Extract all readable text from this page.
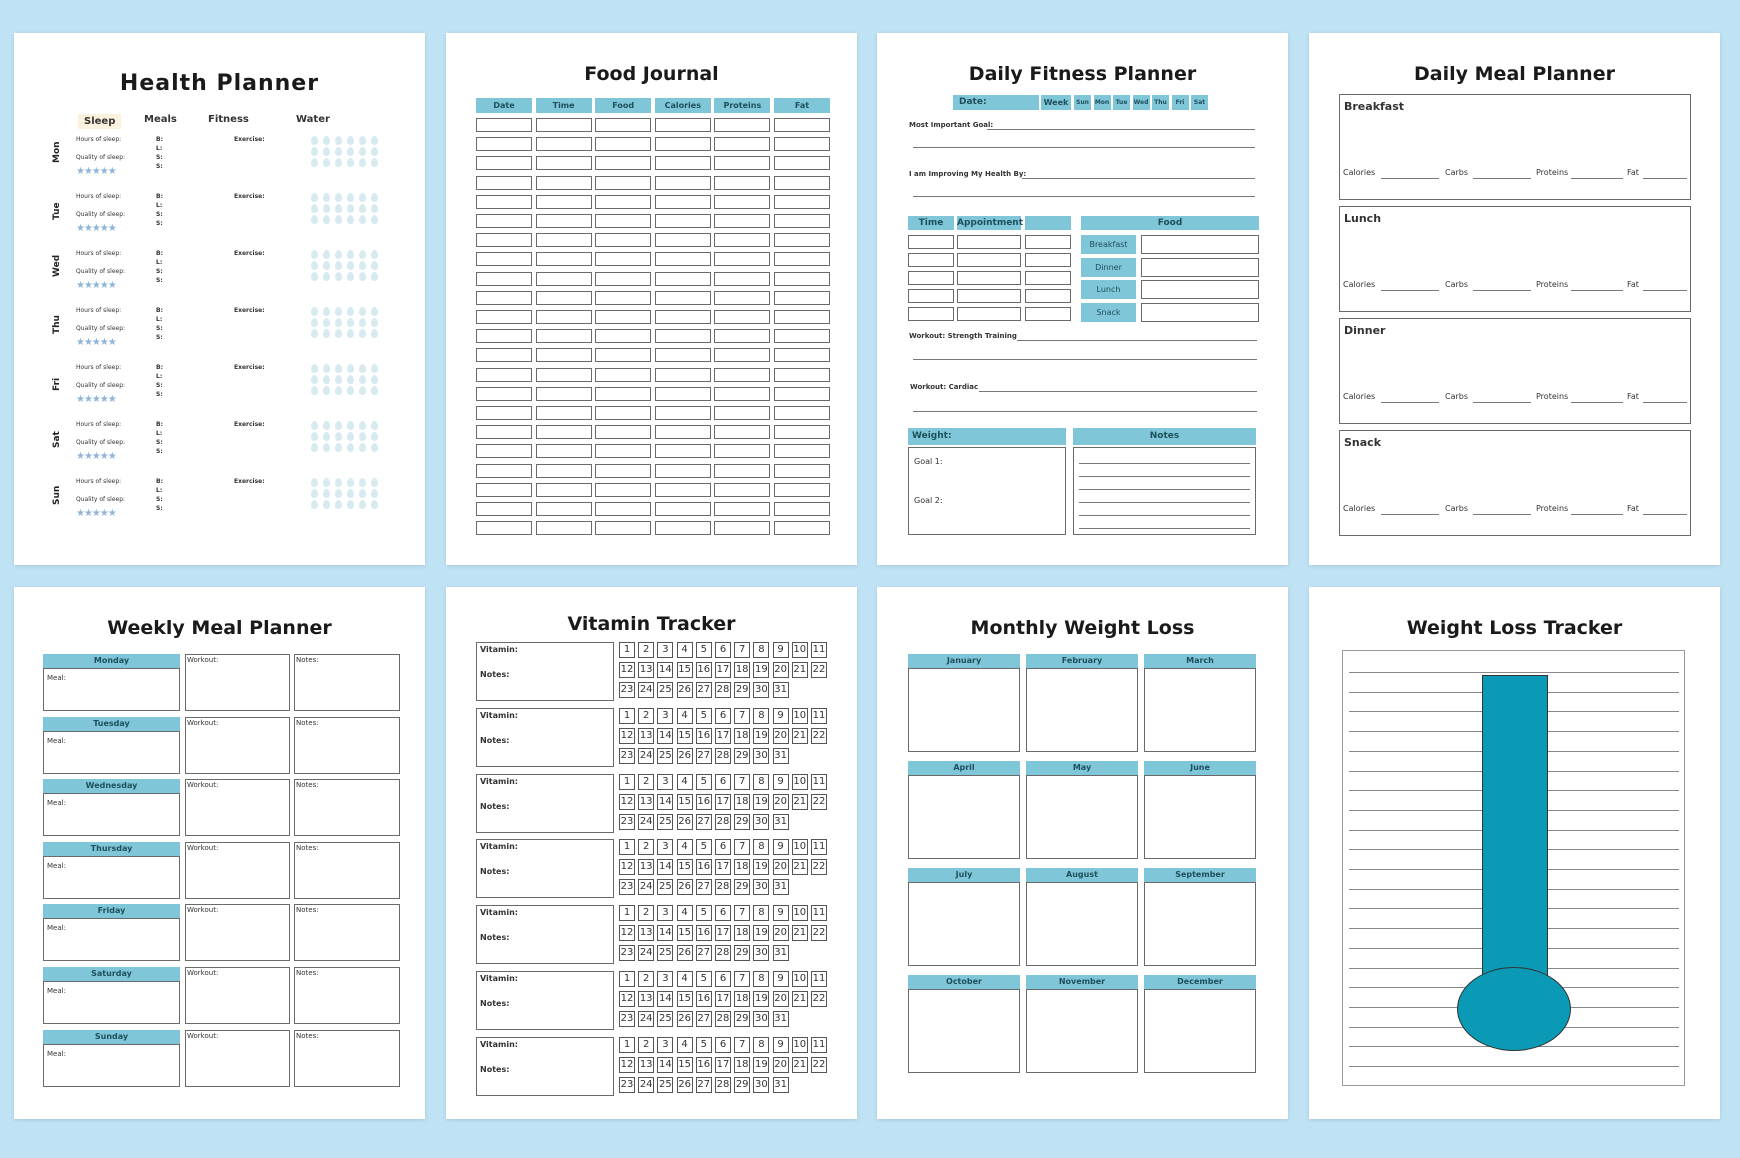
Health Planner
Sleep	Meals	Fitness	Water
Mon
Hours of sleep:
Quality of sleep:
★★★★★
B:
L:
S:
S:
Exercise:
Tue
Hours of sleep:
Quality of sleep:
★★★★★
B:
L:
S:
S:
Exercise:
Wed
Hours of sleep:
Quality of sleep:
★★★★★
B:
L:
S:
S:
Exercise:
Thu
Hours of sleep:
Quality of sleep:
★★★★★
B:
L:
S:
S:
Exercise:
Fri
Hours of sleep:
Quality of sleep:
★★★★★
B:
L:
S:
S:
Exercise:
Sat
Hours of sleep:
Quality of sleep:
★★★★★
B:
L:
S:
S:
Exercise:
Sun
Hours of sleep:
Quality of sleep:
★★★★★
B:
L:
S:
S:
Exercise:
Food Journal
Date	Time	Food	Calories	Proteins	Fat
Daily Fitness Planner
Date:	Week	Sun Mon	Tue	Wed Thu	Fri	Sat
Most Important Goal:
I am Improving My Health By:
Time	Appointment	Food
Breakfast
Dinner
Lunch
Snack
Workout: Strength Training
Workout: Cardiac
Weight:
Goal 1:
Goal 2:
Notes
Daily Meal Planner
Breakfast
Calories	Carbs	Proteins	Fat
Lunch
Calories	Carbs	Proteins	Fat
Dinner
Calories	Carbs	Proteins	Fat
Snack
Calories	Carbs	Proteins	Fat
Weekly Meal Planner
Monday
Meal:
Workout:	Notes:
Tuesday
Meal:
Workout:	Notes:
Wednesday
Meal:
Workout:	Notes:
Thursday
Meal:
Workout:	Notes:
Friday
Meal:
Workout:	Notes:
Saturday
Meal:
Workout:	Notes:
Sunday
Meal:
Workout:	Notes:
Vitamin Tracker
Vitamin:
Notes:
1	2	3	4	5	6	7	8	9 10 11
12 13 14 15 16 17 18 19 20 21 22
23 24 25 26 27 28 29 30 31
Vitamin:
Notes:
1	2	3	4	5	6	7	8	9 10 11
12 13 14 15 16 17 18 19 20 21 22
23 24 25 26 27 28 29 30 31
Vitamin:
Notes:
1	2	3	4	5	6	7	8	9 10 11
12 13 14 15 16 17 18 19 20 21 22
23 24 25 26 27 28 29 30 31
Vitamin:
Notes:
1	2	3	4	5	6	7	8	9 10 11
12 13 14 15 16 17 18 19 20 21 22
23 24 25 26 27 28 29 30 31
Vitamin:
Notes:
1	2	3	4	5	6	7	8	9 10 11
12 13 14 15 16 17 18 19 20 21 22
23 24 25 26 27 28 29 30 31
Vitamin:
Notes:
1	2	3	4	5	6	7	8	9 10 11
12 13 14 15 16 17 18 19 20 21 22
23 24 25 26 27 28 29 30 31
Vitamin:
Notes:
1	2	3	4	5	6	7	8	9 10 11
12 13 14 15 16 17 18 19 20 21 22
23 24 25 26 27 28 29 30 31
Monthly Weight Loss
January	February	March
April	May	June
July	August	September
October	November	December
Weight Loss Tracker
